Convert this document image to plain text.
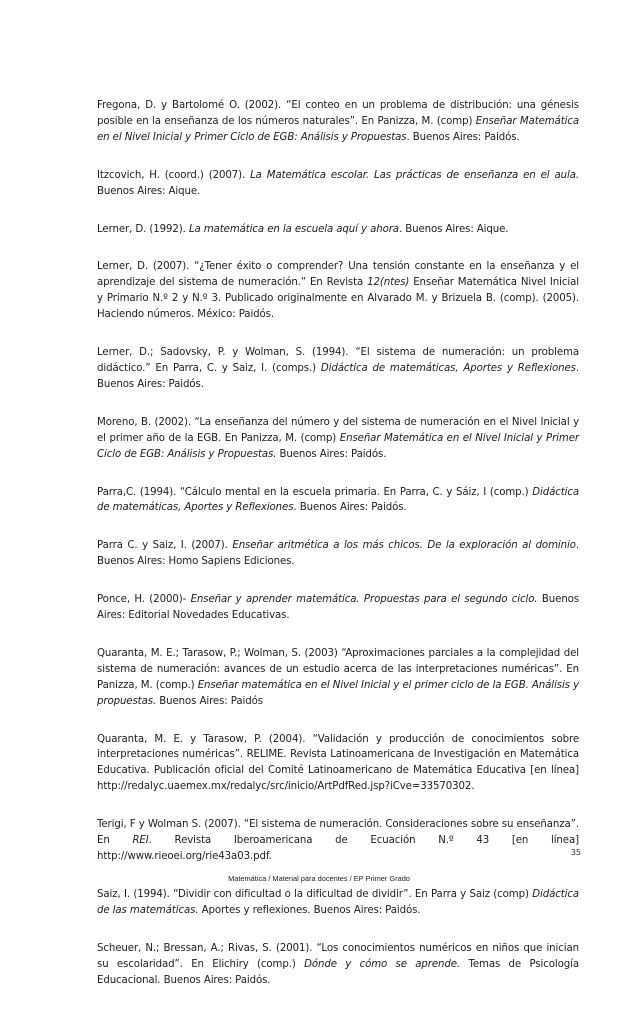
Fregona, D. y Bartolomé O. (2002). “El conteo en un problema de distribución: una génesis posible en la enseñanza de los números naturales”. En Panizza, M. (comp) Enseñar Matemática en el Nivel Inicial y Primer Ciclo de EGB: Análisis y Propuestas. Buenos Aires: Paidós.

Itzcovich, H. (coord.) (2007). La Matemática escolar. Las prácticas de enseñanza en el aula. Buenos Aires: Aique.

Lerner, D. (1992). La matemática en la escuela aquí y ahora. Buenos Aires: Aique.

Lerner, D. (2007). “¿Tener éxito o comprender? Una tensión constante en la enseñanza y el aprendizaje del sistema de numeración.” En Revista 12(ntes) Enseñar Matemática Nivel Inicial y Primario N.º 2 y N.º 3. Publicado originalmente en Alvarado M. y Brizuela B. (comp). (2005). Haciendo números. México: Paidós.

Lerner, D.; Sadovsky, P. y Wolman, S. (1994). “El sistema de numeración: un problema didáctico.” En Parra, C. y Saiz, I. (comps.) Didáctica de matemáticas, Aportes y Reflexiones. Buenos Aires: Paidós.

Moreno, B. (2002). “La enseñanza del número y del sistema de numeración en el Nivel Inicial y el primer año de la EGB. En Panizza, M. (comp) Enseñar Matemática en el Nivel Inicial y Primer Ciclo de EGB: Análisis y Propuestas. Buenos Aires: Paidós.

Parra,C. (1994). “Cálculo mental en la escuela primaria. En Parra, C. y Sáiz, I (comp.) Didáctica de matemáticas, Aportes y Reflexiones. Buenos Aires: Paidós.

Parra C. y Saiz, I. (2007). Enseñar aritmética a los más chicos. De la exploración al dominio. Buenos Aires: Homo Sapiens Ediciones.

Ponce, H. (2000)- Enseñar y aprender matemática. Propuestas para el segundo ciclo. Buenos Aires: Editorial Novedades Educativas.

Quaranta, M. E.; Tarasow, P.; Wolman, S. (2003) “Aproximaciones parciales a la complejidad del sistema de numeración: avances de un estudio acerca de las interpretaciones numéricas”. En Panizza, M. (comp.) Enseñar matemática en el Nivel Inicial y el primer ciclo de la EGB. Análisis y propuestas. Buenos Aires: Paidós

Quaranta, M. E. y Tarasow, P. (2004). “Validación y producción de conocimientos sobre interpretaciones numéricas”. RELIME. Revista Latinoamericana de Investigación en Matemática Educativa. Publicación oficial del Comité Latinoamericano de Matemática Educativa [en línea] http://redalyc.uaemex.mx/redalyc/src/inicio/ArtPdfRed.jsp?iCve=33570302.

Terigi, F y Wolman S. (2007). “El sistema de numeración. Consideraciones sobre su enseñanza”. En REI. Revista Iberoamericana de Ecuación N.º 43 [en línea] http://www.rieoei.org/rie43a03.pdf.

Saiz, I. (1994). “Dividir con dificultad o la dificultad de dividir”. En Parra y Saiz (comp) Didáctica de las matemáticas. Aportes y reflexiones. Buenos Aires: Paidós.

Scheuer, N.; Bressan, A.; Rivas, S. (2001). “Los conocimientos numéricos en niños que inician su escolaridad”. En Elichiry (comp.) Dónde y cómo se aprende. Temas de Psicología Educacional. Buenos Aires: Paidós.

35
Matemática / Material para docentes / EP Primer Grado
